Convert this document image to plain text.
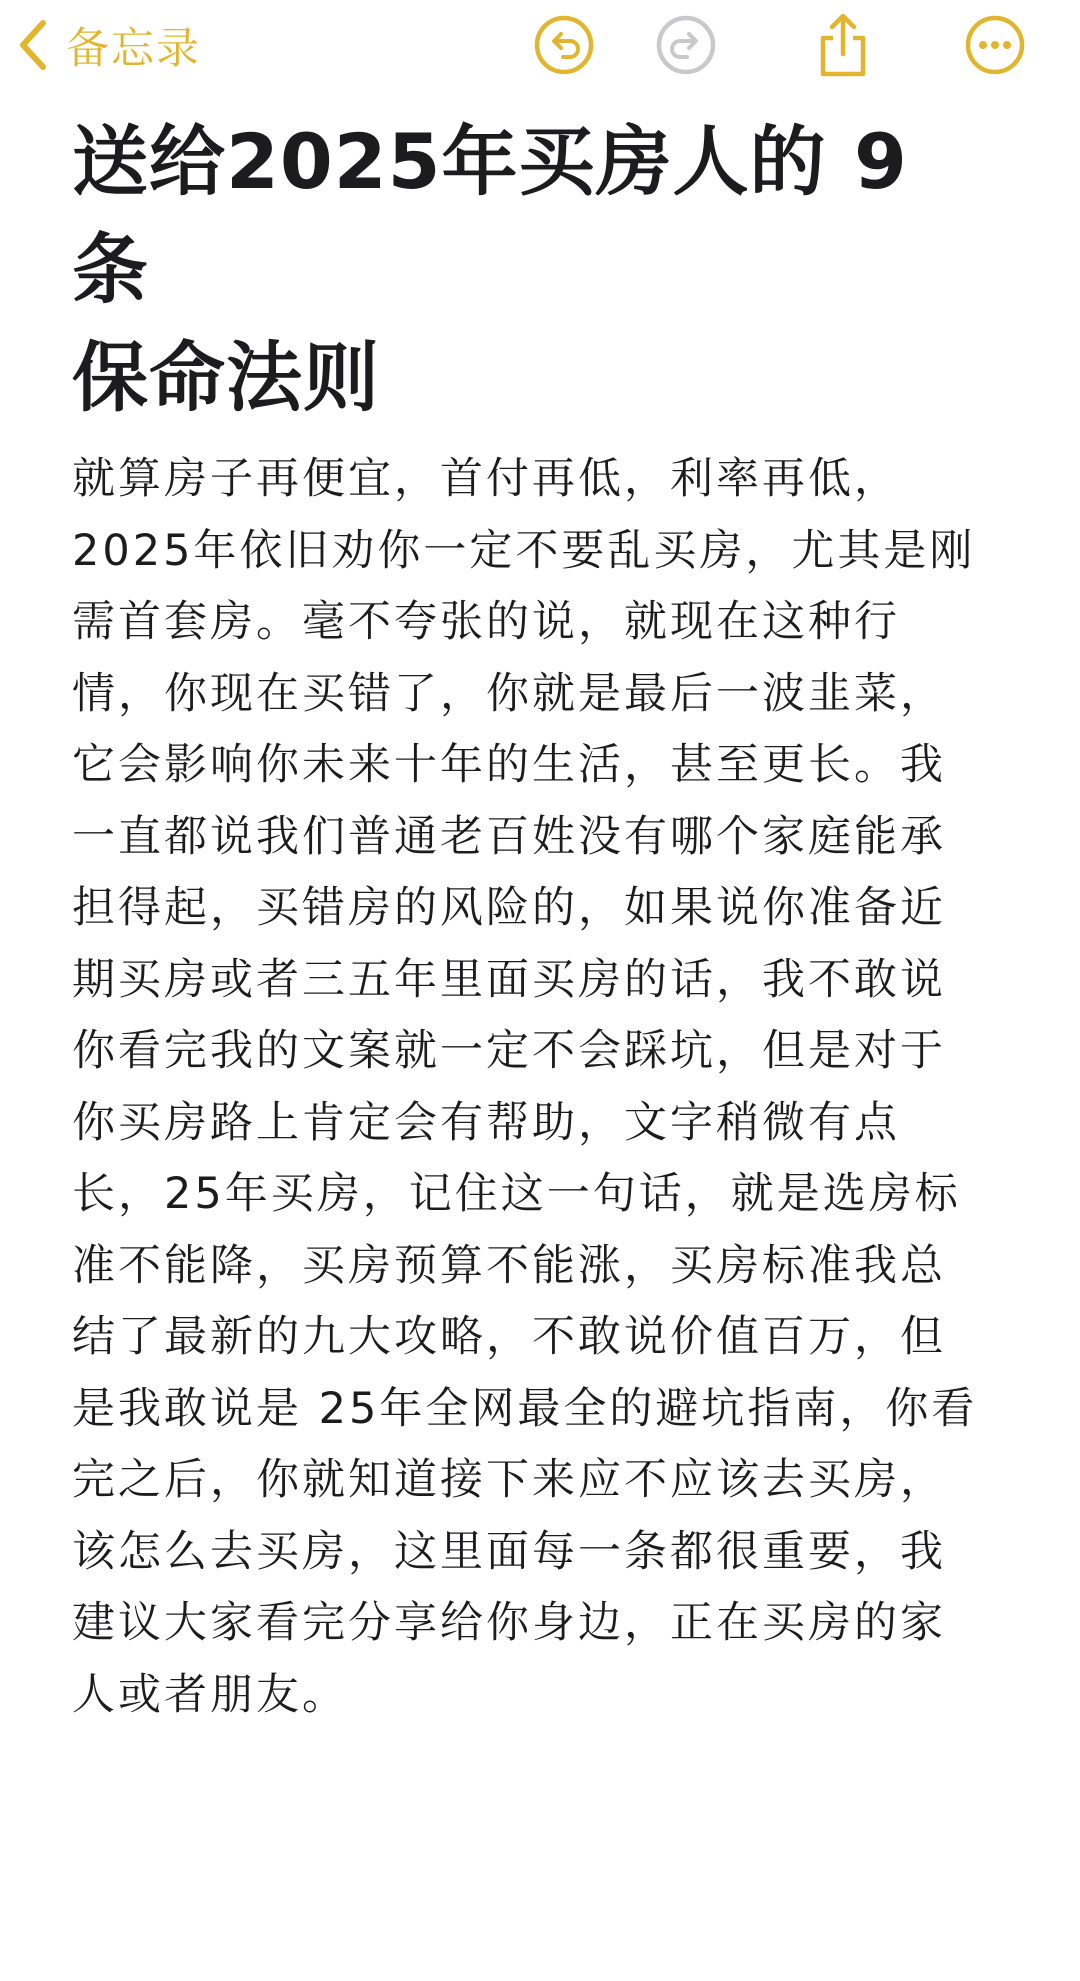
备忘录
送给2025年买房人的 9 条
保命法则
就算房子再便宜，首付再低，利率再低，
2025年依旧劝你一定不要乱买房，尤其是刚
需首套房。毫不夸张的说，就现在这种行
情，你现在买错了，你就是最后一波韭菜，
它会影响你未来十年的生活，甚至更长。我
一直都说我们普通老百姓没有哪个家庭能承
担得起，买错房的风险的，如果说你准备近
期买房或者三五年里面买房的话，我不敢说
你看完我的文案就一定不会踩坑，但是对于
你买房路上肯定会有帮助，文字稍微有点
长，25年买房，记住这一句话，就是选房标
准不能降，买房预算不能涨，买房标准我总
结了最新的九大攻略，不敢说价值百万，但
是我敢说是 25年全网最全的避坑指南，你看
完之后，你就知道接下来应不应该去买房，
该怎么去买房，这里面每一条都很重要，我
建议大家看完分享给你身边，正在买房的家
人或者朋友。
